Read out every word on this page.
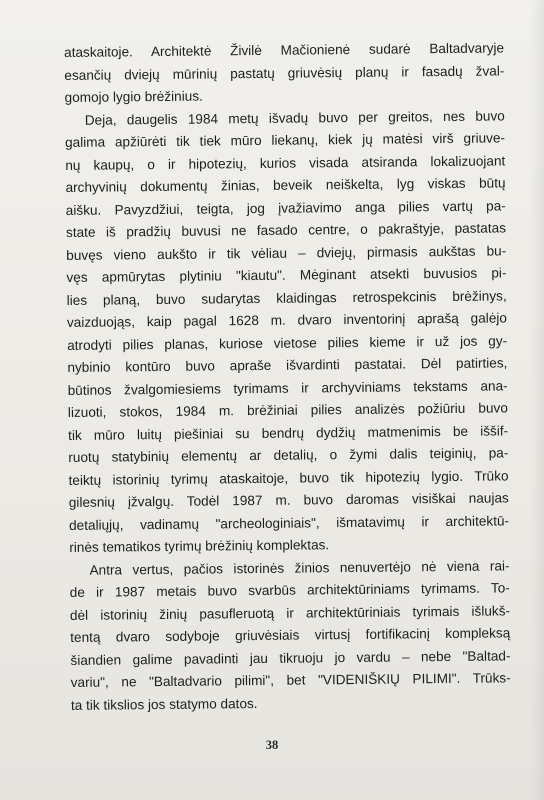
ataskaitoje. Architektė Živilė Mačionienė sudarė Baltadvaryje
esančių dviejų mūrinių pastatų griuvėsių planų ir fasadų žval-
gomojo lygio brėžinius.
Deja, daugelis 1984 metų išvadų buvo per greitos, nes buvo
galima apžiūrėti tik tiek mūro liekanų, kiek jų matėsi virš griuve-
nų kaupų, o ir hipotezių, kurios visada atsiranda lokalizuojant
archyvinių dokumentų žinias, beveik neiškelta, lyg viskas būtų
aišku. Pavyzdžiui, teigta, jog įvažiavimo anga pilies vartų pa-
state iš pradžių buvusi ne fasado centre, o pakraštyje, pastatas
buvęs vieno aukšto ir tik vėliau – dviejų, pirmasis aukštas bu-
vęs apmūrytas plytiniu "kiautu". Mėginant atsekti buvusios pi-
lies planą, buvo sudarytas klaidingas retrospekcinis brėžinys,
vaizduojąs, kaip pagal 1628 m. dvaro inventorinį aprašą galėjo
atrodyti pilies planas, kuriose vietose pilies kieme ir už jos gy-
nybinio kontūro buvo apraše išvardinti pastatai. Dėl patirties,
būtinos žvalgomiesiems tyrimams ir archyviniams tekstams ana-
lizuoti, stokos, 1984 m. brėžiniai pilies analizės požiūriu buvo
tik mūro luitų piešiniai su bendrų dydžių matmenimis be iššif-
ruotų statybinių elementų ar detalių, o žymi dalis teiginių, pa-
teiktų istorinių tyrimų ataskaitoje, buvo tik hipotezių lygio. Trūko
gilesnių įžvalgų. Todėl 1987 m. buvo daromas visiškai naujas
detaliųjų, vadinamų "archeologiniais", išmatavimų ir architektū-
rinės tematikos tyrimų brėžinių komplektas.
Antra vertus, pačios istorinės žinios nenuvertėjo nė viena rai-
de ir 1987 metais buvo svarbūs architektūriniams tyrimams. To-
dėl istorinių žinių pasufleruotą ir architektūriniais tyrimais išlukš-
tentą dvaro sodyboje griuvėsiais virtusį fortifikacinį kompleksą
šiandien galime pavadinti jau tikruoju jo vardu – nebe "Baltad-
variu", ne "Baltadvario pilimi", bet "VIDENIŠKIŲ PILIMI". Trūks-
ta tik tikslios jos statymo datos.
38
